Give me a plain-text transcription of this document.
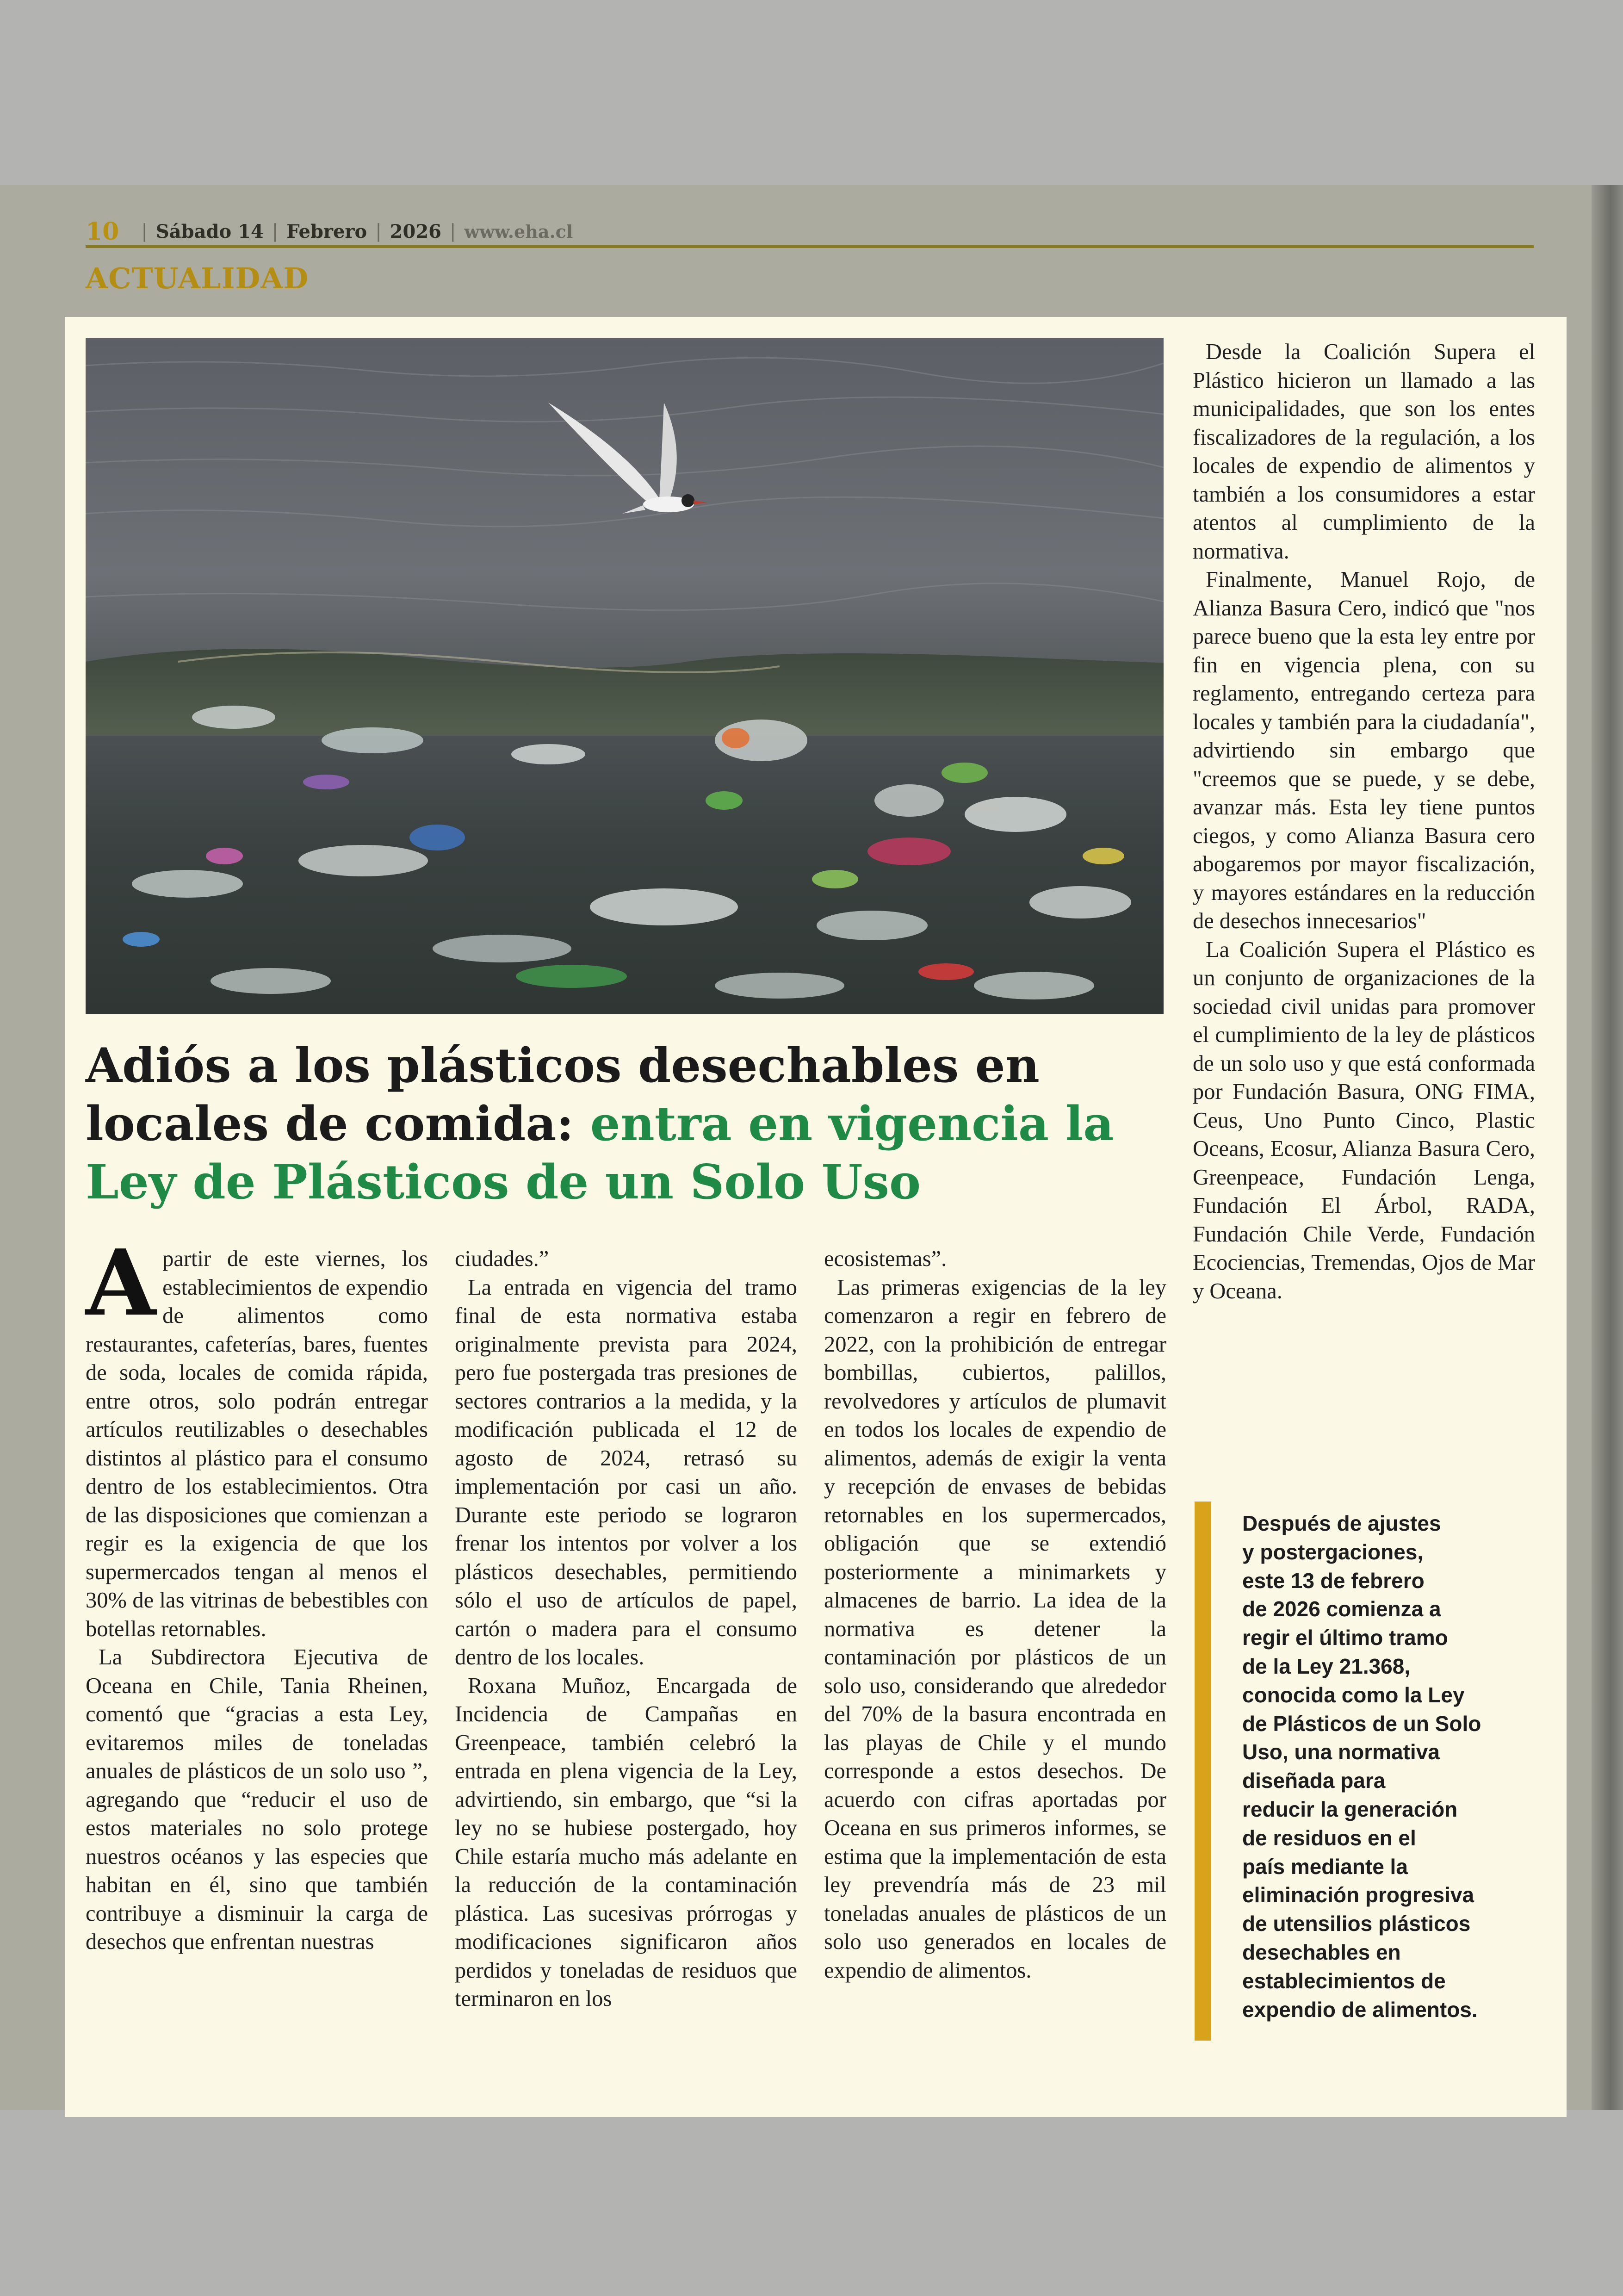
10 | Sábado 14 | Febrero | 2026 | www.eha.cl
ACTUALIDAD
Adiós a los plásticos desechables en locales de comida: entra en vigencia la Ley de Plásticos de un Solo Uso
A partir de este viernes, los establecimientos de expendio de alimentos como restaurantes, cafeterías, bares, fuentes de soda, locales de comida rápida, entre otros, solo podrán entregar artículos reutilizables o desechables distintos al plástico para el consumo dentro de los establecimientos. Otra de las disposiciones que comienzan a regir es la exigencia de que los supermercados tengan al menos el 30% de las vitrinas de bebestibles con botellas retornables.

La Subdirectora Ejecutiva de Oceana en Chile, Tania Rheinen, comentó que “gracias a esta Ley, evitaremos miles de toneladas anuales de plásticos de un solo uso ”, agregando que “reducir el uso de estos materiales no solo protege nuestros océanos y las especies que habitan en él, sino que también contribuye a disminuir la carga de desechos que enfrentan nuestras

ciudades.”

La entrada en vigencia del tramo final de esta normativa estaba originalmente prevista para 2024, pero fue postergada tras presiones de sectores contrarios a la medida, y la modificación publicada el 12 de agosto de 2024, retrasó su implementación por casi un año. Durante este periodo se lograron frenar los intentos por volver a los plásticos desechables, permitiendo sólo el uso de artículos de papel, cartón o madera para el consumo dentro de los locales.

Roxana Muñoz, Encargada de Incidencia de Campañas en Greenpeace, también celebró la entrada en plena vigencia de la Ley, advirtiendo, sin embargo, que “si la ley no se hubiese postergado, hoy Chile estaría mucho más adelante en la reducción de la contaminación plástica. Las sucesivas prórrogas y modificaciones significaron años perdidos y toneladas de residuos que terminaron en los

ecosistemas”.

Las primeras exigencias de la ley comenzaron a regir en febrero de 2022, con la prohibición de entregar bombillas, cubiertos, palillos, revolvedores y artículos de plumavit en todos los locales de expendio de alimentos, además de exigir la venta y recepción de envases de bebidas retornables en los supermercados, obligación que se extendió posteriormente a minimarkets y almacenes de barrio. La idea de la normativa es detener la contaminación por plásticos de un solo uso, considerando que alrededor del 70% de la basura encontrada en las playas de Chile y el mundo corresponde a estos desechos. De acuerdo con cifras aportadas por Oceana en sus primeros informes, se estima que la implementación de esta ley prevendría más de 23 mil toneladas anuales de plásticos de un solo uso generados en locales de expendio de alimentos.

Desde la Coalición Supera el Plástico hicieron un llamado a las municipalidades, que son los entes fiscalizadores de la regulación, a los locales de expendio de alimentos y también a los consumidores a estar atentos al cumplimiento de la normativa.

Finalmente, Manuel Rojo, de Alianza Basura Cero, indicó que "nos parece bueno que la esta ley entre por fin en vigencia plena, con su reglamento, entregando certeza para locales y también para la ciudadanía", advirtiendo sin embargo que "creemos que se puede, y se debe, avanzar más. Esta ley tiene puntos ciegos, y como Alianza Basura cero abogaremos por mayor fiscalización, y mayores estándares en la reducción de desechos innecesarios"

La Coalición Supera el Plástico es un conjunto de organizaciones de la sociedad civil unidas para promover el cumplimiento de la ley de plásticos de un solo uso y que está conformada por Fundación Basura, ONG FIMA, Ceus, Uno Punto Cinco, Plastic Oceans, Ecosur, Alianza Basura Cero, Greenpeace, Fundación Lenga, Fundación El Árbol, RADA, Fundación Chile Verde, Fundación Ecociencias, Tremendas, Ojos de Mar y Oceana.

Después de ajustes
y postergaciones,
este 13 de febrero
de 2026 comienza a
regir el último tramo
de la Ley 21.368,
conocida como la Ley
de Plásticos de un Solo
Uso, una normativa
diseñada para
reducir la generación
de residuos en el
país mediante la
eliminación progresiva
de utensilios plásticos
desechables en
establecimientos de
expendio de alimentos.
